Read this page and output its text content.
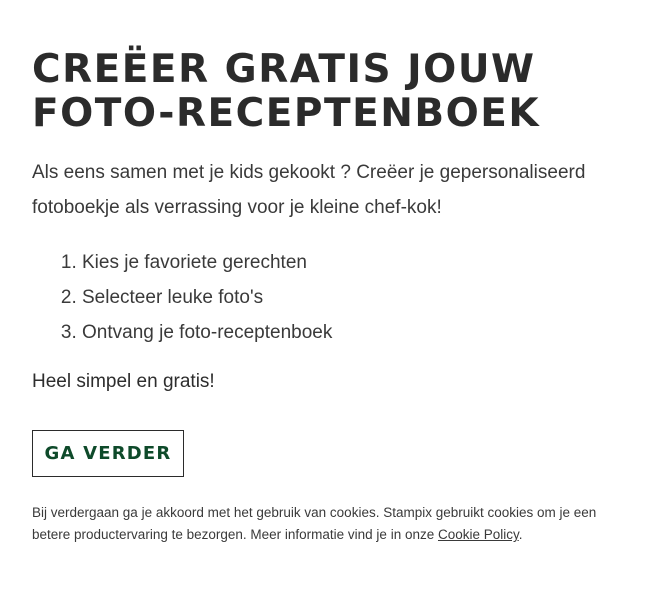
CREËER GRATIS JOUW
FOTO-RECEPTENBOEK

Als eens samen met je kids gekookt ? Creëer je gepersonaliseerd fotoboekje als verrassing voor je kleine chef-kok!

1. Kies je favoriete gerechten
2. Selecteer leuke foto's
3. Ontvang je foto-receptenboek

Heel simpel en gratis!

GA VERDER

Bij verdergaan ga je akkoord met het gebruik van cookies. Stampix gebruikt cookies om je een betere productervaring te bezorgen. Meer informatie vind je in onze Cookie Policy.
